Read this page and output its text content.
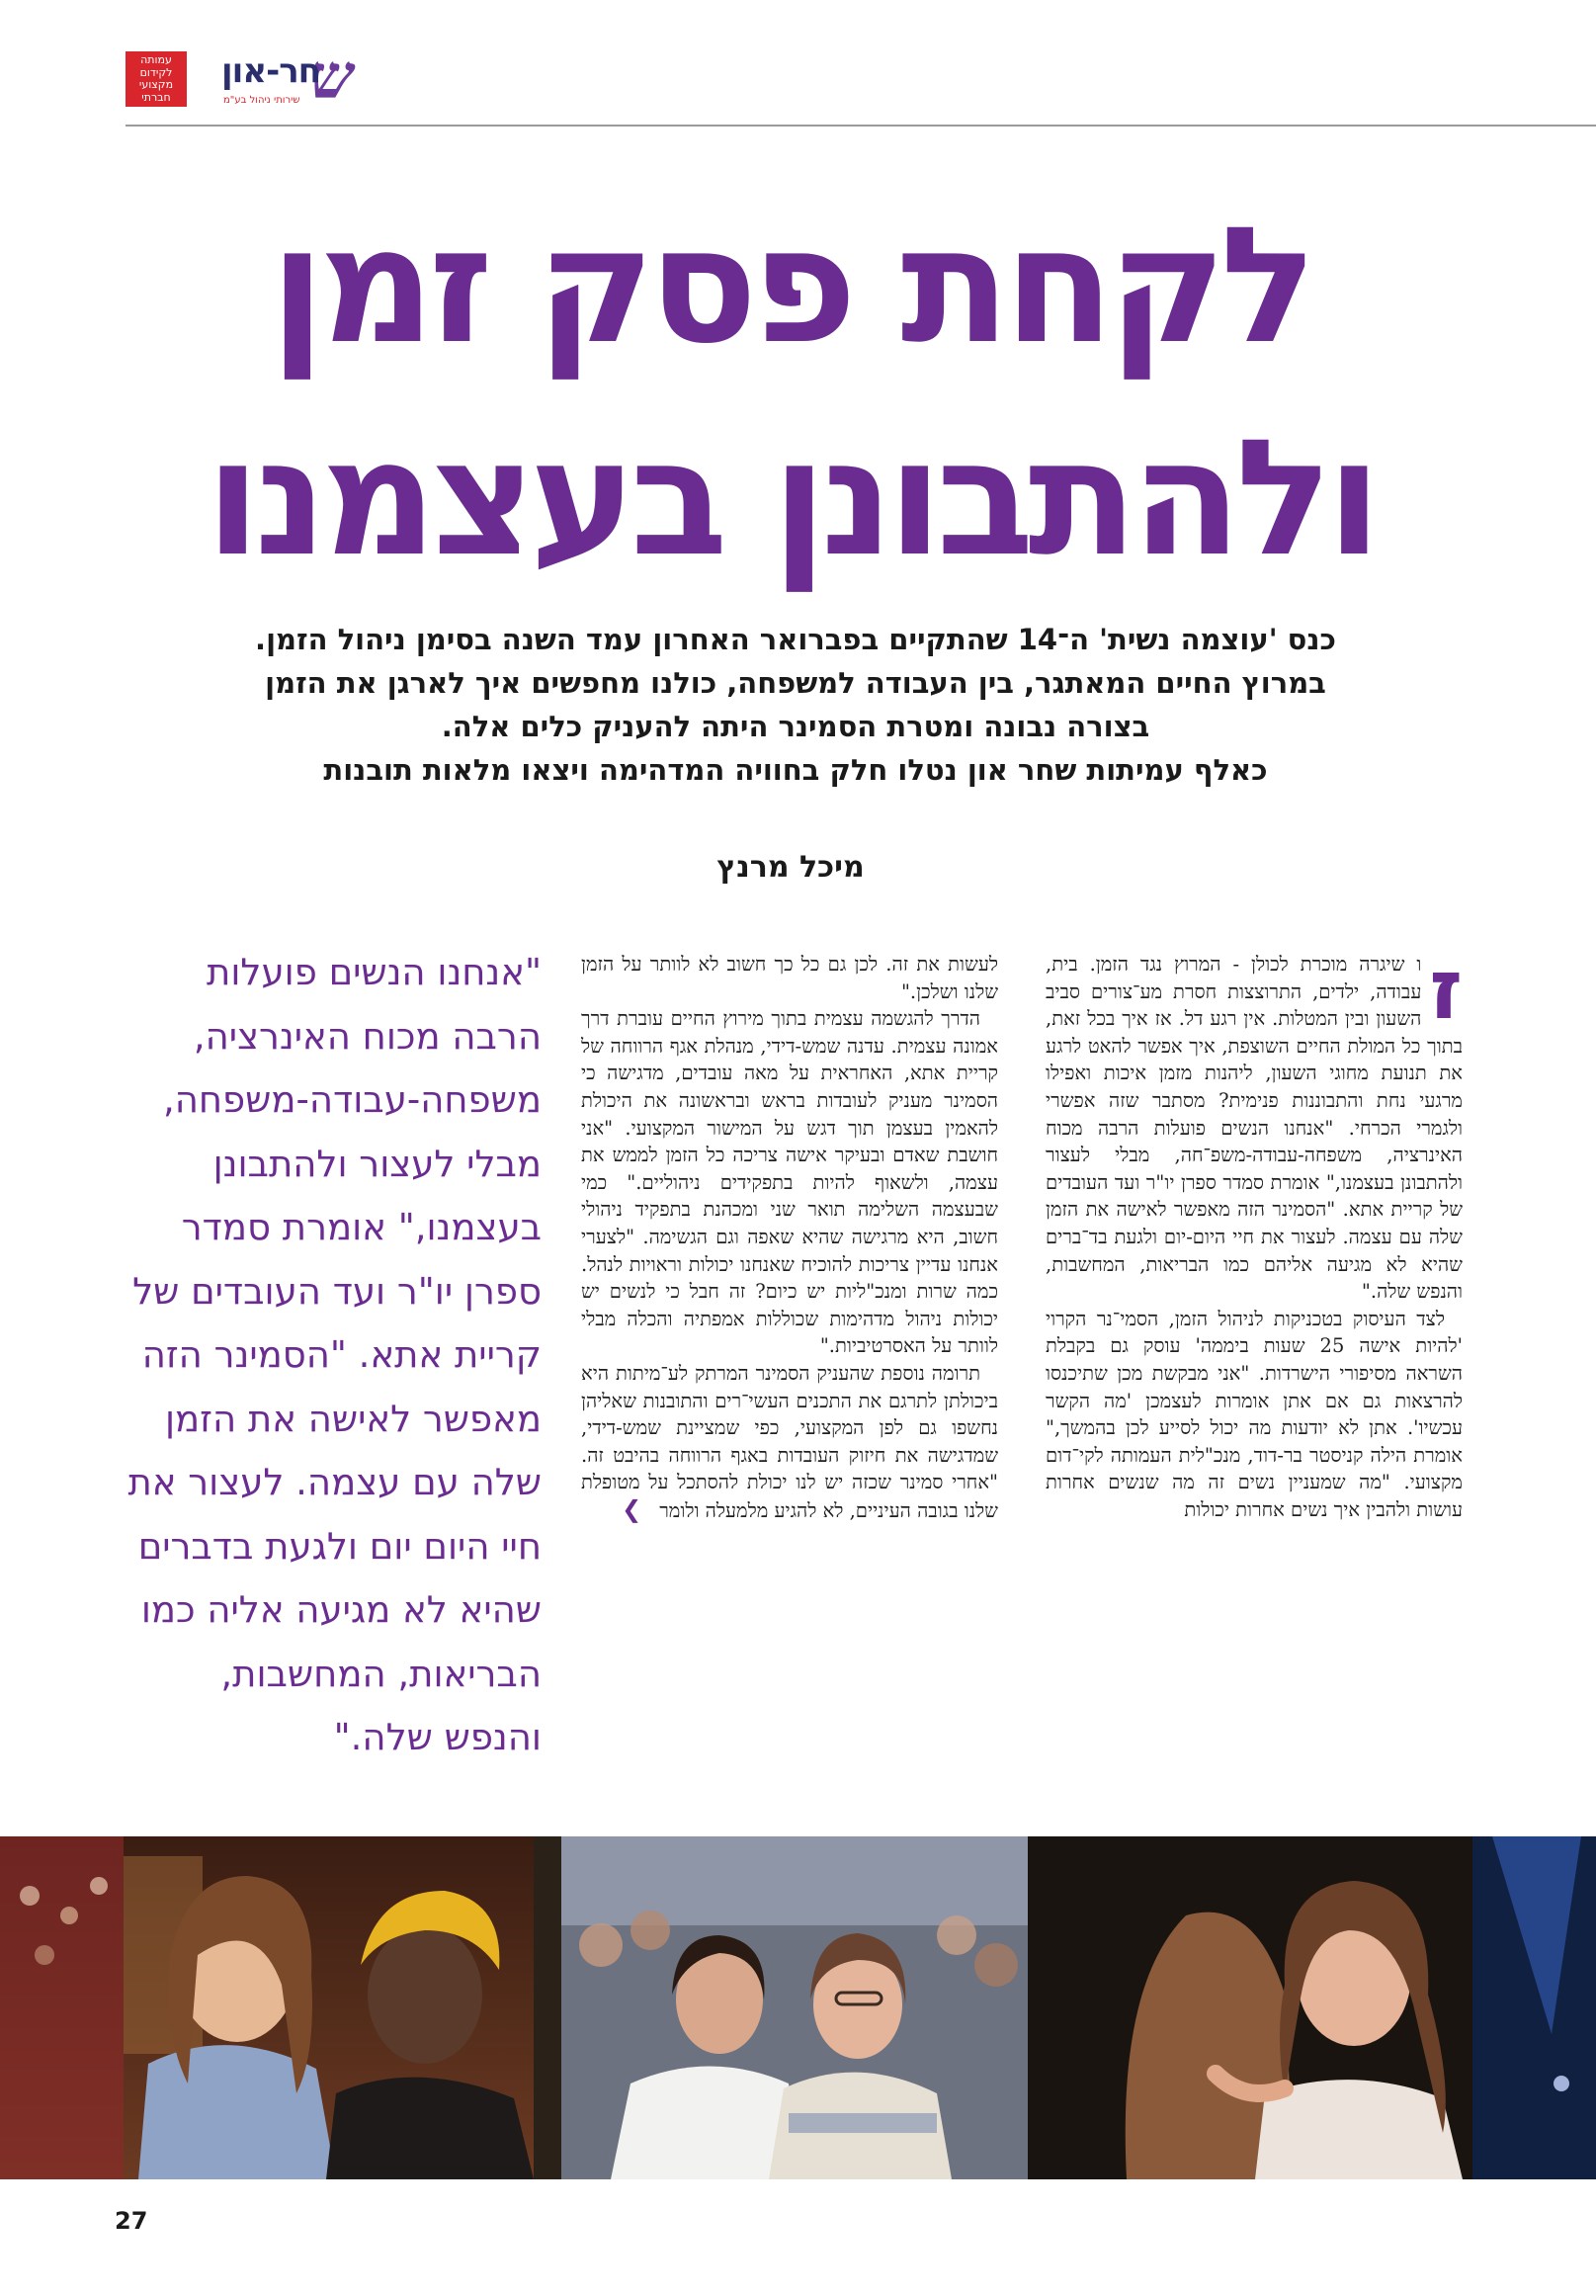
עמותה
לקידום
מקצועי
חברתי ש
חר-און
שירותי ניהול בע"מ
לקחת פסק זמן
ולהתבונן בעצמנו

כנס 'עוצמה נשית' ה־14 שהתקיים בפברואר האחרון עמד השנה בסימן ניהול הזמן.

במרוץ החיים המאתגר, בין העבודה למשפחה, כולנו מחפשים איך לארגן את הזמן

בצורה נבונה ומטרת הסמינר היתה להעניק כלים אלה.

כאלף עמיתות שחר און נטלו חלק בחוויה המדהימה ויצאו מלאות תובנות

מיכל מרנץ

ז
ו שיגרה מוכרת לכולן - המרוץ נגד הזמן. בית, עבודה, ילדים, התרוצצות חסרת מע־צורים סביב השעון ובין המטלות. אין רגע דל. אז איך בכל זאת, בתוך כל המולת החיים השוצפת, איך אפשר להאט לרגע את תנועת מחוגי השעון, ליהנות מזמן איכות ואפילו מרגעי נחת והתבוננות פנימית? מסתבר שזה אפשרי ולגמרי הכרחי. "אנחנו הנשים פועלות הרבה מכוח האינרציה, משפחה-עבודה-משפ־חה, מבלי לעצור ולהתבונן בעצמנו," אומרת סמדר ספרן יו"ר ועד העובדים של קריית אתא. "הסמינר הזה מאפשר לאישה את הזמן שלה עם עצמה. לעצור את חיי היום-יום ולגעת בד־ברים שהיא לא מגיעה אליהם כמו הבריאות, המחשבות, והנפש שלה."

לצד העיסוק בטכניקות לניהול הזמן, הסמי־נר הקרוי 'להיות אישה 25 שעות ביממה' עוסק גם בקבלת השראה מסיפורי הישרדות. "אני מבקשת מכן שתיכנסו להרצאות גם אם אתן אומרות לעצמכן 'מה הקשר עכשיו'. אתן לא יודעות מה יכול לסייע לכן בהמשך," אומרת הילה קניסטר בר-דוד, מנכ"לית העמותה לקי־דום מקצועי. "מה שמעניין נשים זה מה שנשים אחרות עושות ולהבין איך נשים אחרות יכולות

לעשות את זה. לכן גם כל כך חשוב לא לוותר על הזמן שלנו ושלכן."

הדרך להגשמה עצמית בתוך מירוץ החיים עוברת דרך אמונה עצמית. עדנה שמש-דידי, מנהלת אגף הרווחה של קריית אתא, האחראית על מאה עובדים, מדגישה כי הסמינר מעניק לעובדות בראש ובראשונה את היכולת להאמין בעצמן תוך דגש על המישור המקצועי. "אני חושבת שאדם ובעיקר אישה צריכה כל הזמן לממש את עצמה, ולשאוף להיות בתפקידים ניהוליים." כמי שבעצמה השלימה תואר שני ומכהנת בתפקיד ניהולי חשוב, היא מרגישה שהיא שאפה וגם הגשימה. "לצערי אנחנו עדיין צריכות להוכיח שאנחנו יכולות וראויות לנהל. כמה שרות ומנכ"ליות יש כיום? זה חבל כי לנשים יש יכולות ניהול מדהימות שכוללות אמפתיה והכלה מבלי לוותר על האסרטיביות."

תרומה נוספת שהעניק הסמינר המרתק לע־מיתות היא ביכולתן לתרגם את התכנים העשי־רים והתובנות שאליהן נחשפו גם לפן המקצועי, כפי שמציינת שמש-דידי, שמדגישה את חיזוק העובדות באגף הרווחה בהיבט זה. "אחרי סמינר שכזה יש לנו יכולת להסתכל על מטופלת שלנו בגובה העיניים, לא להגיע מלמעלה ולומר❯

"אנחנו הנשים פועלות הרבה מכוח האינרציה, משפחה-עבודה-משפחה, מבלי לעצור ולהתבונן בעצמנו," אומרת סמדר ספרן יו"ר ועד העובדים של קריית אתא. "הסמינר הזה מאפשר לאישה את הזמן שלה עם עצמה. לעצור את חיי היום יום ולגעת בדברים שהיא לא מגיעה אליה כמו הבריאות, המחשבות, והנפש שלה."
27
